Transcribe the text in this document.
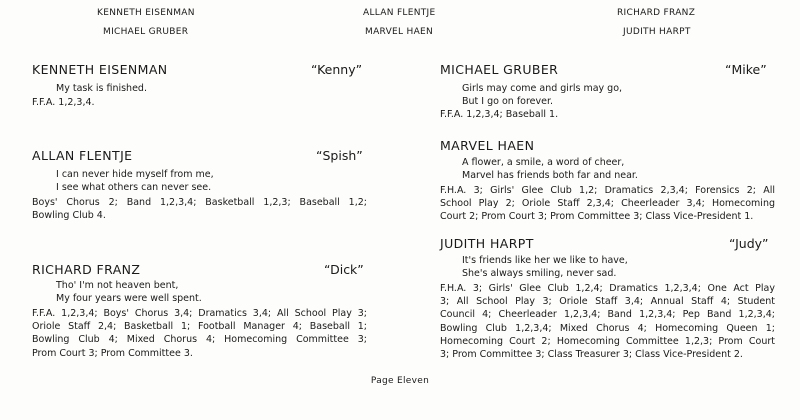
KENNETH EISENMAN
MICHAEL GRUBER
ALLAN FLENTJE
MARVEL HAEN
RICHARD FRANZ
JUDITH HARPT
KENNETH EISENMAN	“Kenny”
My task is finished.
F.F.A. 1,2,3,4.
ALLAN FLENTJE	“Spish”
I can never hide myself from me,
I see what others can never see.
Boys' Chorus 2; Band 1,2,3,4; Basketball 1,2,3; Baseball 1,2;
Bowling Club 4.
RICHARD FRANZ	“Dick”
Tho' I'm not heaven bent,
My four years were well spent.
F.F.A. 1,2,3,4; Boys' Chorus 3,4; Dramatics 3,4; All School Play 3;
Oriole Staff 2,4; Basketball 1; Football Manager 4; Baseball 1;
Bowling Club 4; Mixed Chorus 4; Homecoming Committee 3;
Prom Court 3; Prom Committee 3.
MICHAEL GRUBER	“Mike”
Girls may come and girls may go,
But I go on forever.
F.F.A. 1,2,3,4; Baseball 1.
MARVEL HAEN
A flower, a smile, a word of cheer,
Marvel has friends both far and near.
F.H.A. 3; Girls' Glee Club 1,2; Dramatics 2,3,4; Forensics 2; All
School Play 2; Oriole Staff 2,3,4; Cheerleader 3,4; Homecoming
Court 2; Prom Court 3; Prom Committee 3; Class Vice-President 1.
JUDITH HARPT	“Judy”
It's friends like her we like to have,
She's always smiling, never sad.
F.H.A. 3; Girls' Glee Club 1,2,4; Dramatics 1,2,3,4; One Act Play
3; All School Play 3; Oriole Staff 3,4; Annual Staff 4; Student
Council 4; Cheerleader 1,2,3,4; Band 1,2,3,4; Pep Band 1,2,3,4;
Bowling Club 1,2,3,4; Mixed Chorus 4; Homecoming Queen 1;
Homecoming Court 2; Homecoming Committee 1,2,3; Prom Court
3; Prom Committee 3; Class Treasurer 3; Class Vice-President 2.
Page Eleven
